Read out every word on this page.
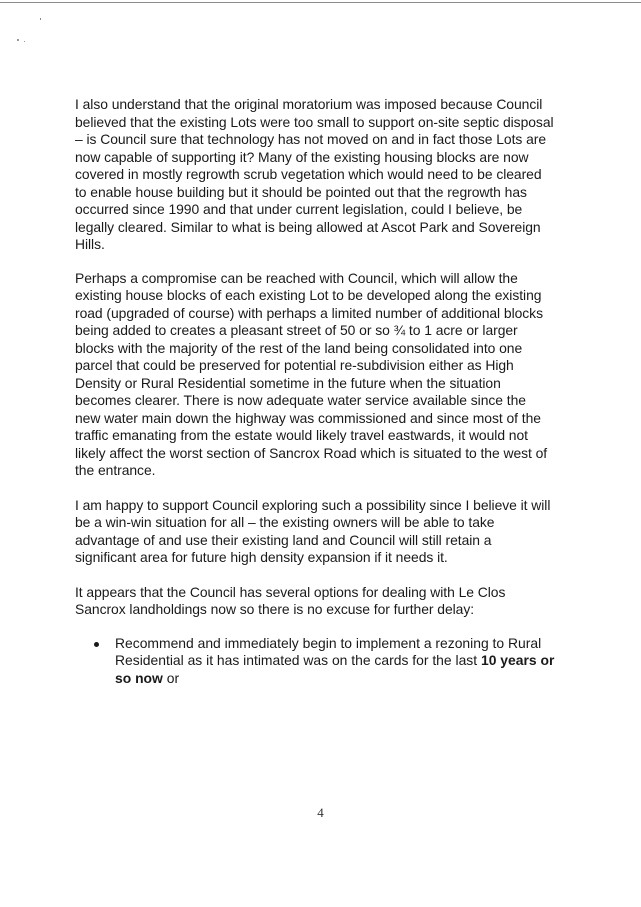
I also understand that the original moratorium was imposed because Council believed that the existing Lots were too small to support on-site septic disposal – is Council sure that technology has not moved on and in fact those Lots are now capable of supporting it? Many of the existing housing blocks are now covered in mostly regrowth scrub vegetation which would need to be cleared to enable house building but it should be pointed out that the regrowth has occurred since 1990 and that under current legislation, could I believe, be legally cleared. Similar to what is being allowed at Ascot Park and Sovereign Hills.

Perhaps a compromise can be reached with Council, which will allow the existing house blocks of each existing Lot to be developed along the existing road (upgraded of course) with perhaps a limited number of additional blocks being added to creates a pleasant street of 50 or so ¾ to 1 acre or larger blocks with the majority of the rest of the land being consolidated into one parcel that could be preserved for potential re-subdivision either as High Density or Rural Residential sometime in the future when the situation becomes clearer. There is now adequate water service available since the new water main down the highway was commissioned and since most of the traffic emanating from the estate would likely travel eastwards, it would not likely affect the worst section of Sancrox Road which is situated to the west of the entrance.

I am happy to support Council exploring such a possibility since I believe it will be a win-win situation for all – the existing owners will be able to take advantage of and use their existing land and Council will still retain a significant area for future high density expansion if it needs it.

It appears that the Council has several options for dealing with Le Clos Sancrox landholdings now so there is no excuse for further delay:

Recommend and immediately begin to implement a rezoning to Rural Residential as it has intimated was on the cards for the last 10 years or so now or
4
